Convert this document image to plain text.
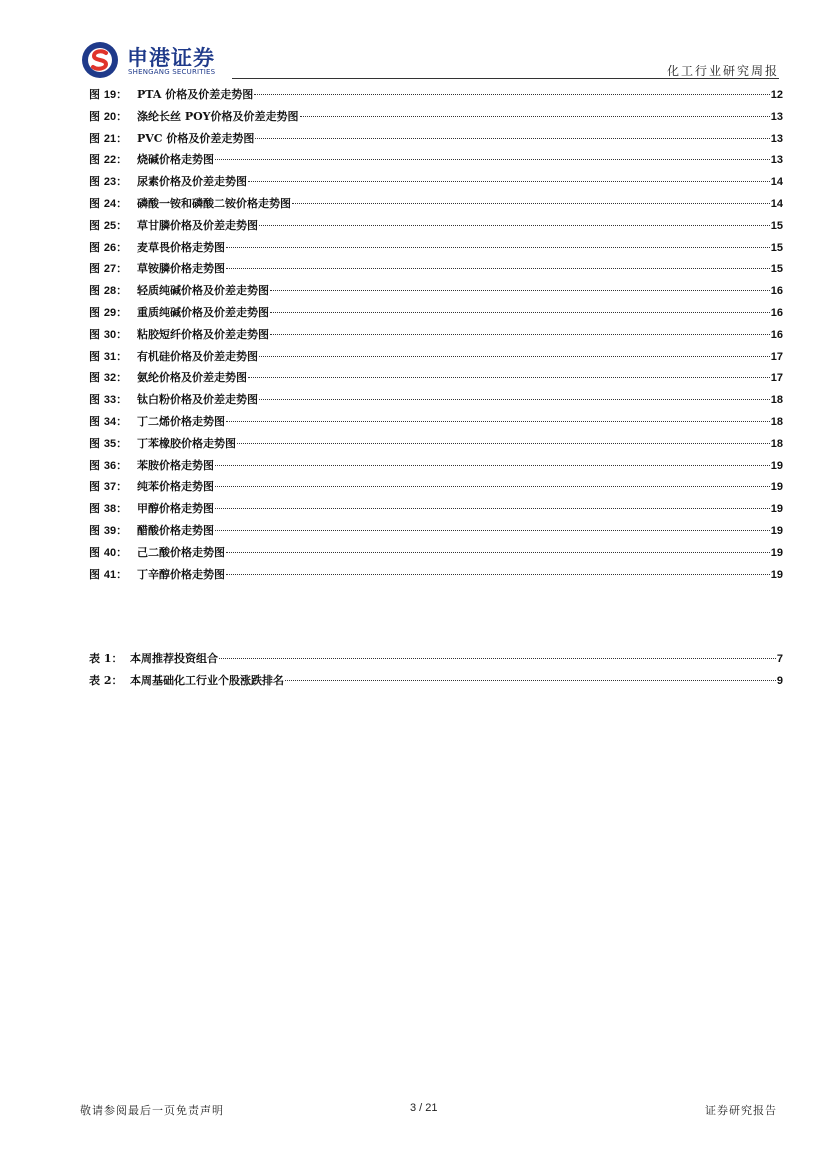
申港证券
SHENGANG SECURITIES	化工行业研究周报
图 19： PTA 价格及价差走势图	12
图 20： 涤纶长丝 POY价格及价差走势图	13
图 21： PVC 价格及价差走势图	13
图 22： 烧碱价格走势图	13
图 23： 尿素价格及价差走势图	14
图 24： 磷酸一铵和磷酸二铵价格走势图	14
图 25： 草甘膦价格及价差走势图	15
图 26： 麦草畏价格走势图	15
图 27： 草铵膦价格走势图	15
图 28： 轻质纯碱价格及价差走势图	16
图 29： 重质纯碱价格及价差走势图	16
图 30： 粘胶短纤价格及价差走势图	16
图 31： 有机硅价格及价差走势图	17
图 32： 氨纶价格及价差走势图	17
图 33： 钛白粉价格及价差走势图	18
图 34： 丁二烯价格走势图	18
图 35： 丁苯橡胶价格走势图	18
图 36： 苯胺价格走势图	19
图 37： 纯苯价格走势图	19
图 38： 甲醇价格走势图	19
图 39： 醋酸价格走势图	19
图 40： 己二酸价格走势图	19
图 41： 丁辛醇价格走势图	19
表 1： 本周推荐投资组合	7
表 2： 本周基础化工行业个股涨跌排名	9
敬请参阅最后一页免责声明	3 / 21	证券研究报告
